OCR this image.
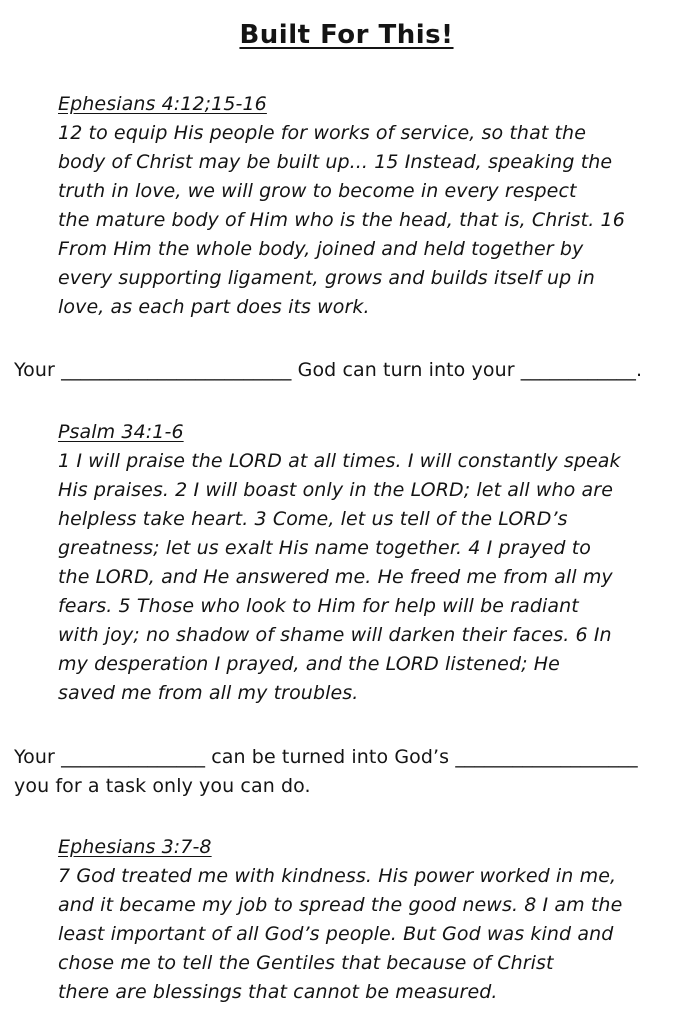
Built For This!
Ephesians 4:12;15-16
12 to equip His people for works of service, so that the
body of Christ may be built up... 15 Instead, speaking the
truth in love, we will grow to become in every respect
the mature body of Him who is the head, that is, Christ. 16
From Him the whole body, joined and held together by
every supporting ligament, grows and builds itself up in
love, as each part does its work.
Your ________________________ God can turn into your ____________.
Psalm 34:1-6
1 I will praise the LORD at all times. I will constantly speak
His praises. 2 I will boast only in the LORD; let all who are
helpless take heart. 3 Come, let us tell of the LORD’s
greatness; let us exalt His name together. 4 I prayed to
the LORD, and He answered me. He freed me from all my
fears. 5 Those who look to Him for help will be radiant
with joy; no shadow of shame will darken their faces. 6 In
my desperation I prayed, and the LORD listened; He
saved me from all my troubles.
Your _______________ can be turned into God’s ___________________
you for a task only you can do.
Ephesians 3:7-8
7 God treated me with kindness. His power worked in me,
and it became my job to spread the good news. 8 I am the
least important of all God’s people. But God was kind and
chose me to tell the Gentiles that because of Christ
there are blessings that cannot be measured.
